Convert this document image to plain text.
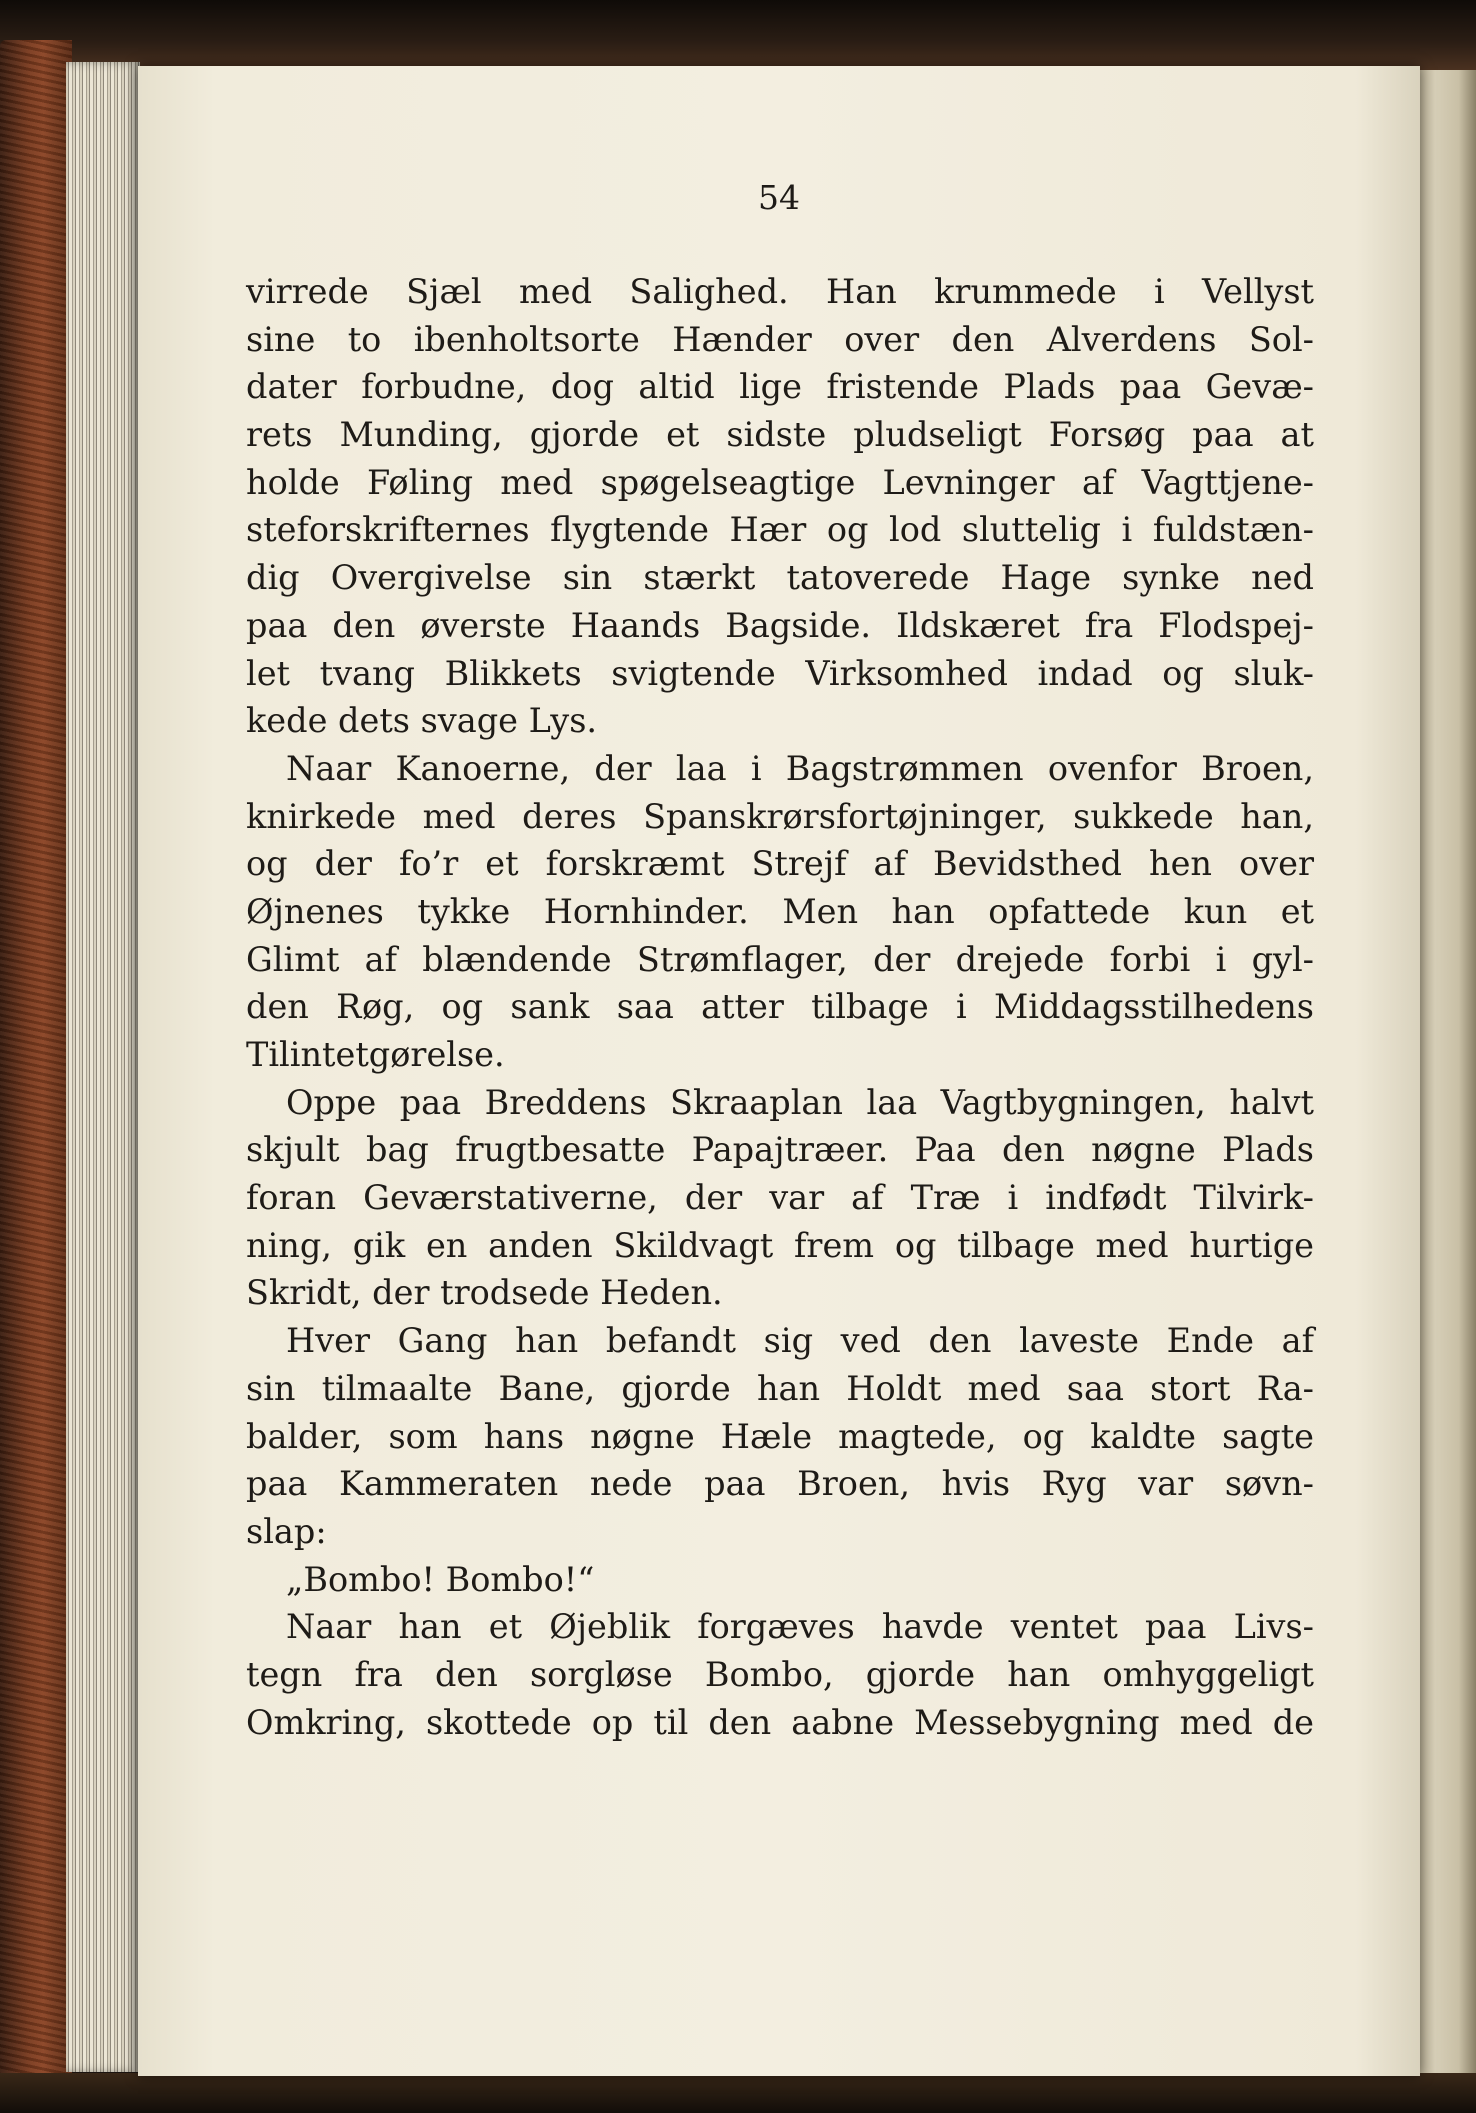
54
virrede Sjæl med Salighed. Han krummede i Vellyst
sine to ibenholtsorte Hænder over den Alverdens Sol-
dater forbudne, dog altid lige fristende Plads paa Gevæ-
rets Munding, gjorde et sidste pludseligt Forsøg paa at
holde Føling med spøgelseagtige Levninger af Vagttjene-
steforskrifternes flygtende Hær og lod sluttelig i fuldstæn-
dig Overgivelse sin stærkt tatoverede Hage synke ned
paa den øverste Haands Bagside. Ildskæret fra Flodspej-
let tvang Blikkets svigtende Virksomhed indad og sluk-
kede dets svage Lys.
Naar Kanoerne, der laa i Bagstrømmen ovenfor Broen,
knirkede med deres Spanskrørsfortøjninger, sukkede han,
og der fo’r et forskræmt Strejf af Bevidsthed hen over
Øjnenes tykke Hornhinder. Men han opfattede kun et
Glimt af blændende Strømflager, der drejede forbi i gyl-
den Røg, og sank saa atter tilbage i Middagsstilhedens
Tilintetgørelse.
Oppe paa Breddens Skraaplan laa Vagtbygningen, halvt
skjult bag frugtbesatte Papajtræer. Paa den nøgne Plads
foran Geværstativerne, der var af Træ i indfødt Tilvirk-
ning, gik en anden Skildvagt frem og tilbage med hurtige
Skridt, der trodsede Heden.
Hver Gang han befandt sig ved den laveste Ende af
sin tilmaalte Bane, gjorde han Holdt med saa stort Ra-
balder, som hans nøgne Hæle magtede, og kaldte sagte
paa Kammeraten nede paa Broen, hvis Ryg var søvn-
slap:
„Bombo! Bombo!“
Naar han et Øjeblik forgæves havde ventet paa Livs-
tegn fra den sorgløse Bombo, gjorde han omhyggeligt
Omkring, skottede op til den aabne Messebygning med de
